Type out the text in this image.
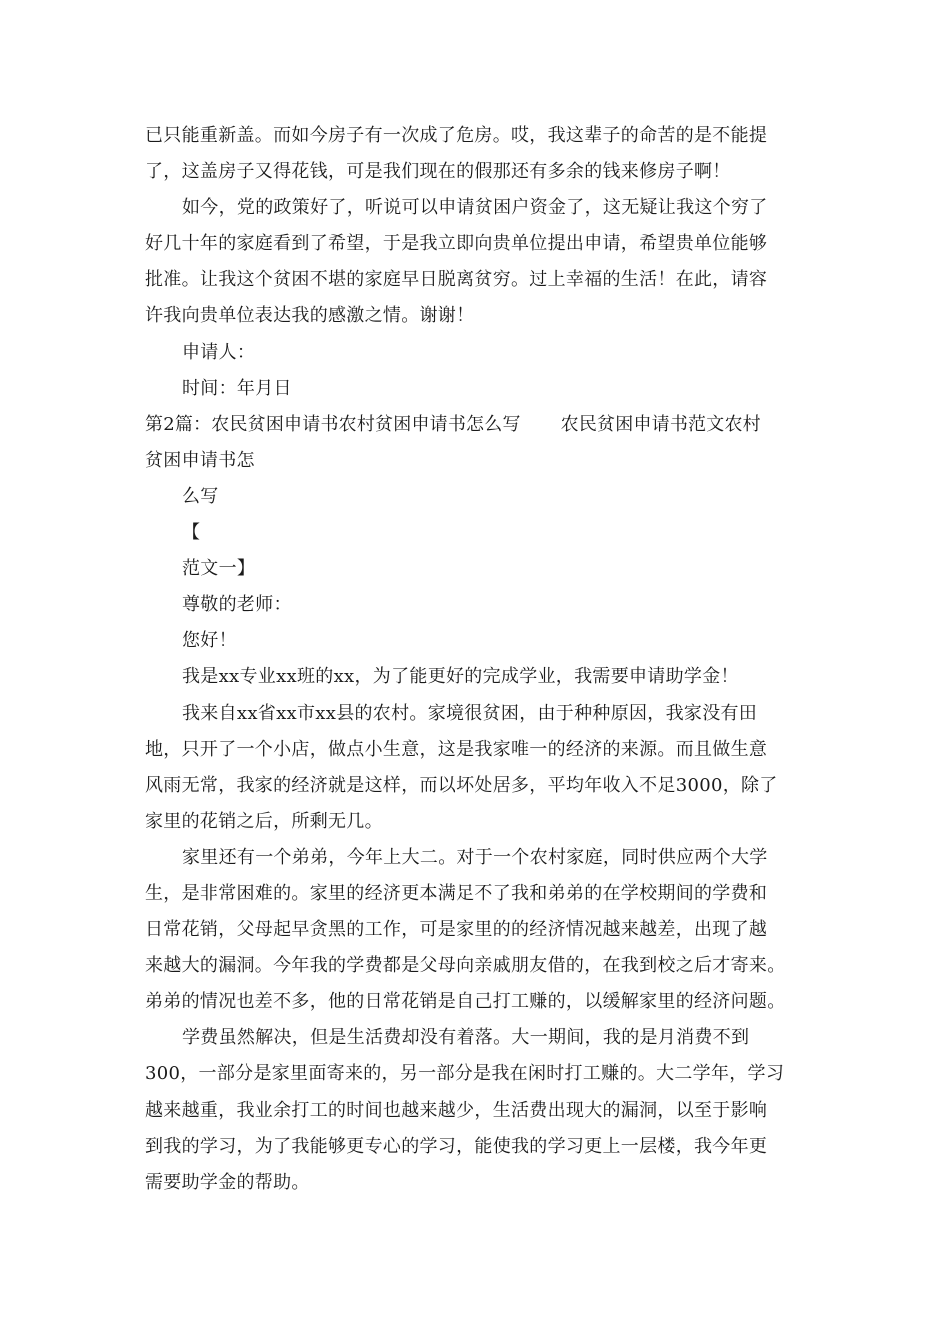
已只能重新盖。而如今房子有一次成了危房。哎，我这辈子的命苦的是不能提
了，这盖房子又得花钱，可是我们现在的假那还有多余的钱来修房子啊！
如今，党的政策好了，听说可以申请贫困户资金了，这无疑让我这个穷了
好几十年的家庭看到了希望，于是我立即向贵单位提出申请，希望贵单位能够
批准。让我这个贫困不堪的家庭早日脱离贫穷。过上幸福的生活！在此，请容
许我向贵单位表达我的感激之情。谢谢！
申请人：
时间：年月日
第2篇：农民贫困申请书农村贫困申请书怎么写 农民贫困申请书范文农村
贫困申请书怎
么写
【
范文一】
尊敬的老师：
您好！
我是xx专业xx班的xx，为了能更好的完成学业，我需要申请助学金！
我来自xx省xx市xx县的农村。家境很贫困，由于种种原因，我家没有田
地，只开了一个小店，做点小生意，这是我家唯一的经济的来源。而且做生意
风雨无常，我家的经济就是这样，而以坏处居多，平均年收入不足3000，除了
家里的花销之后，所剩无几。
家里还有一个弟弟，今年上大二。对于一个农村家庭，同时供应两个大学
生，是非常困难的。家里的经济更本满足不了我和弟弟的在学校期间的学费和
日常花销，父母起早贪黑的工作，可是家里的的经济情况越来越差，出现了越
来越大的漏洞。今年我的学费都是父母向亲戚朋友借的，在我到校之后才寄来。
弟弟的情况也差不多，他的日常花销是自己打工赚的，以缓解家里的经济问题。
学费虽然解决，但是生活费却没有着落。大一期间，我的是月消费不到
300，一部分是家里面寄来的，另一部分是我在闲时打工赚的。大二学年，学习
越来越重，我业余打工的时间也越来越少，生活费出现大的漏洞，以至于影响
到我的学习，为了我能够更专心的学习，能使我的学习更上一层楼，我今年更
需要助学金的帮助。
